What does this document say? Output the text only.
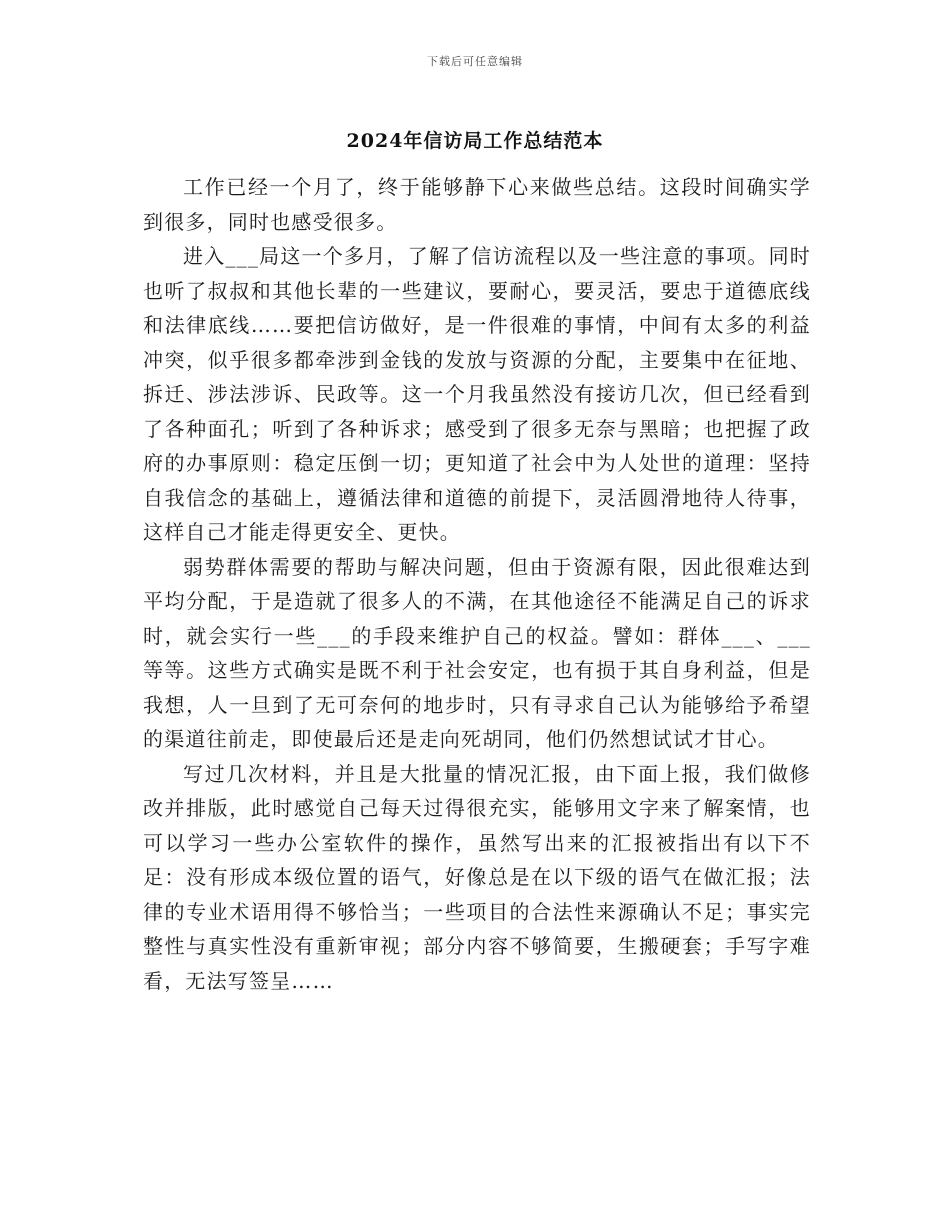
下载后可任意编辑
2024年信访局工作总结范本

工作已经一个月了，终于能够静下心来做些总结。这段时间确实学到很多，同时也感受很多。

进入___局这一个多月，了解了信访流程以及一些注意的事项。同时也听了叔叔和其他长辈的一些建议，要耐心，要灵活，要忠于道德底线和法律底线……要把信访做好，是一件很难的事情，中间有太多的利益冲突，似乎很多都牵涉到金钱的发放与资源的分配，主要集中在征地、拆迁、涉法涉诉、民政等。这一个月我虽然没有接访几次，但已经看到了各种面孔；听到了各种诉求；感受到了很多无奈与黑暗；也把握了政府的办事原则：稳定压倒一切；更知道了社会中为人处世的道理：坚持自我信念的基础上，遵循法律和道德的前提下，灵活圆滑地待人待事，这样自己才能走得更安全、更快。

弱势群体需要的帮助与解决问题，但由于资源有限，因此很难达到平均分配，于是造就了很多人的不满，在其他途径不能满足自己的诉求时，就会实行一些___的手段来维护自己的权益。譬如：群体___、___等等。这些方式确实是既不利于社会安定，也有损于其自身利益，但是我想，人一旦到了无可奈何的地步时，只有寻求自己认为能够给予希望的渠道往前走，即使最后还是走向死胡同，他们仍然想试试才甘心。

写过几次材料，并且是大批量的情况汇报，由下面上报，我们做修改并排版，此时感觉自己每天过得很充实，能够用文字来了解案情，也可以学习一些办公室软件的操作，虽然写出来的汇报被指出有以下不足：没有形成本级位置的语气，好像总是在以下级的语气在做汇报；法律的专业术语用得不够恰当；一些项目的合法性来源确认不足；事实完整性与真实性没有重新审视；部分内容不够简要，生搬硬套；手写字难看，无法写签呈……
